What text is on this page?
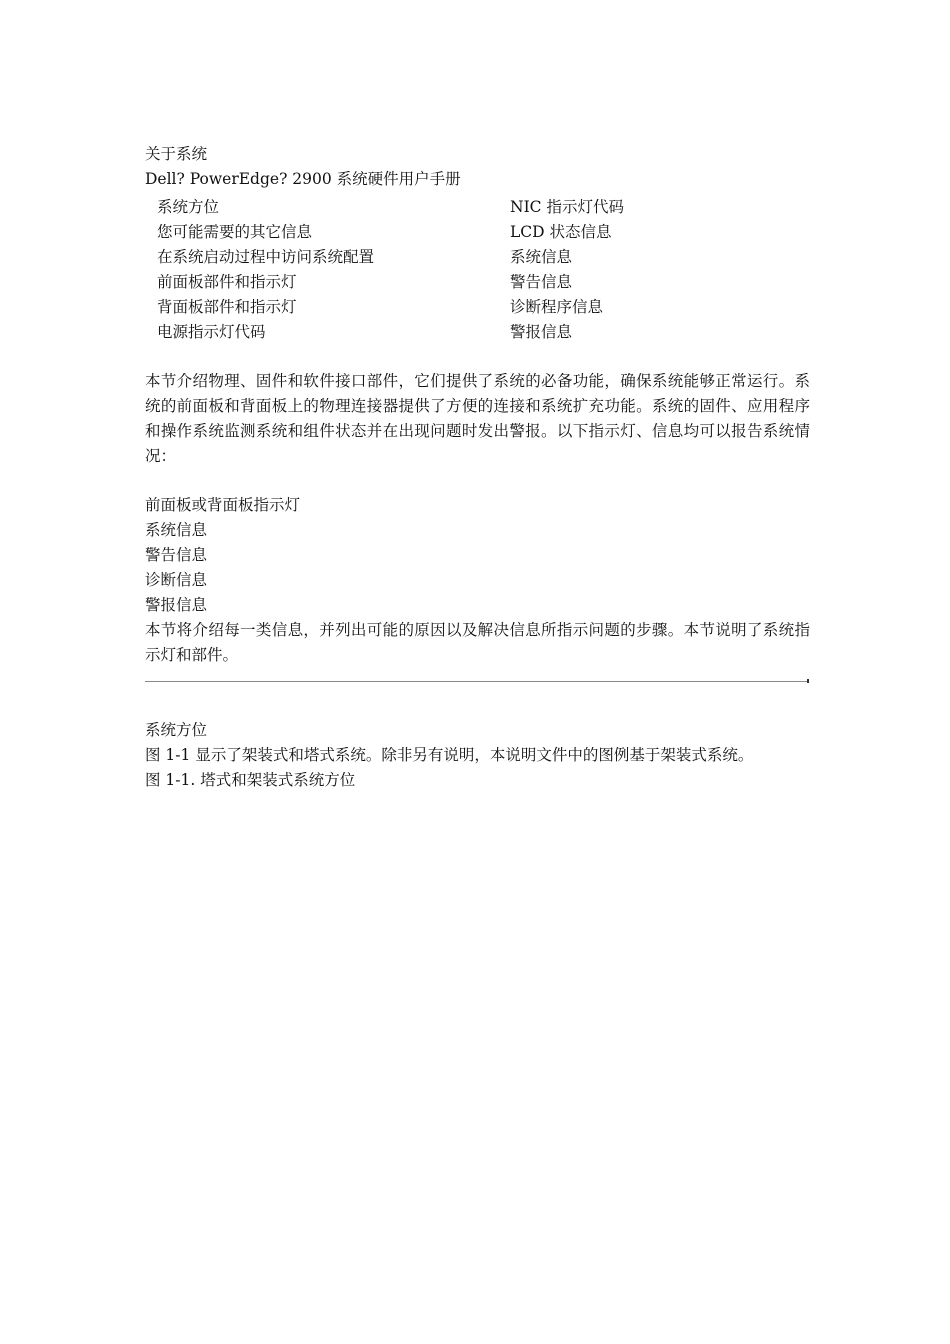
关于系统
Dell? PowerEdge? 2900 系统硬件用户手册
系统方位
您可能需要的其它信息
在系统启动过程中访问系统配置
前面板部件和指示灯
背面板部件和指示灯
电源指示灯代码
NIC 指示灯代码
LCD 状态信息
系统信息
警告信息
诊断程序信息
警报信息
本节介绍物理、固件和软件接口部件，它们提供了系统的必备功能，确保系统能够正常运行。系统的前面板和背面板上的物理连接器提供了方便的连接和系统扩充功能。系统的固件、应用程序和操作系统监测系统和组件状态并在出现问题时发出警报。以下指示灯、信息均可以报告系统情况：
前面板或背面板指示灯
系统信息
警告信息
诊断信息
警报信息
本节将介绍每一类信息，并列出可能的原因以及解决信息所指示问题的步骤。本节说明了系统指示灯和部件。
系统方位
图 1-1 显示了架装式和塔式系统。除非另有说明，本说明文件中的图例基于架装式系统。
图 1-1. 塔式和架装式系统方位
